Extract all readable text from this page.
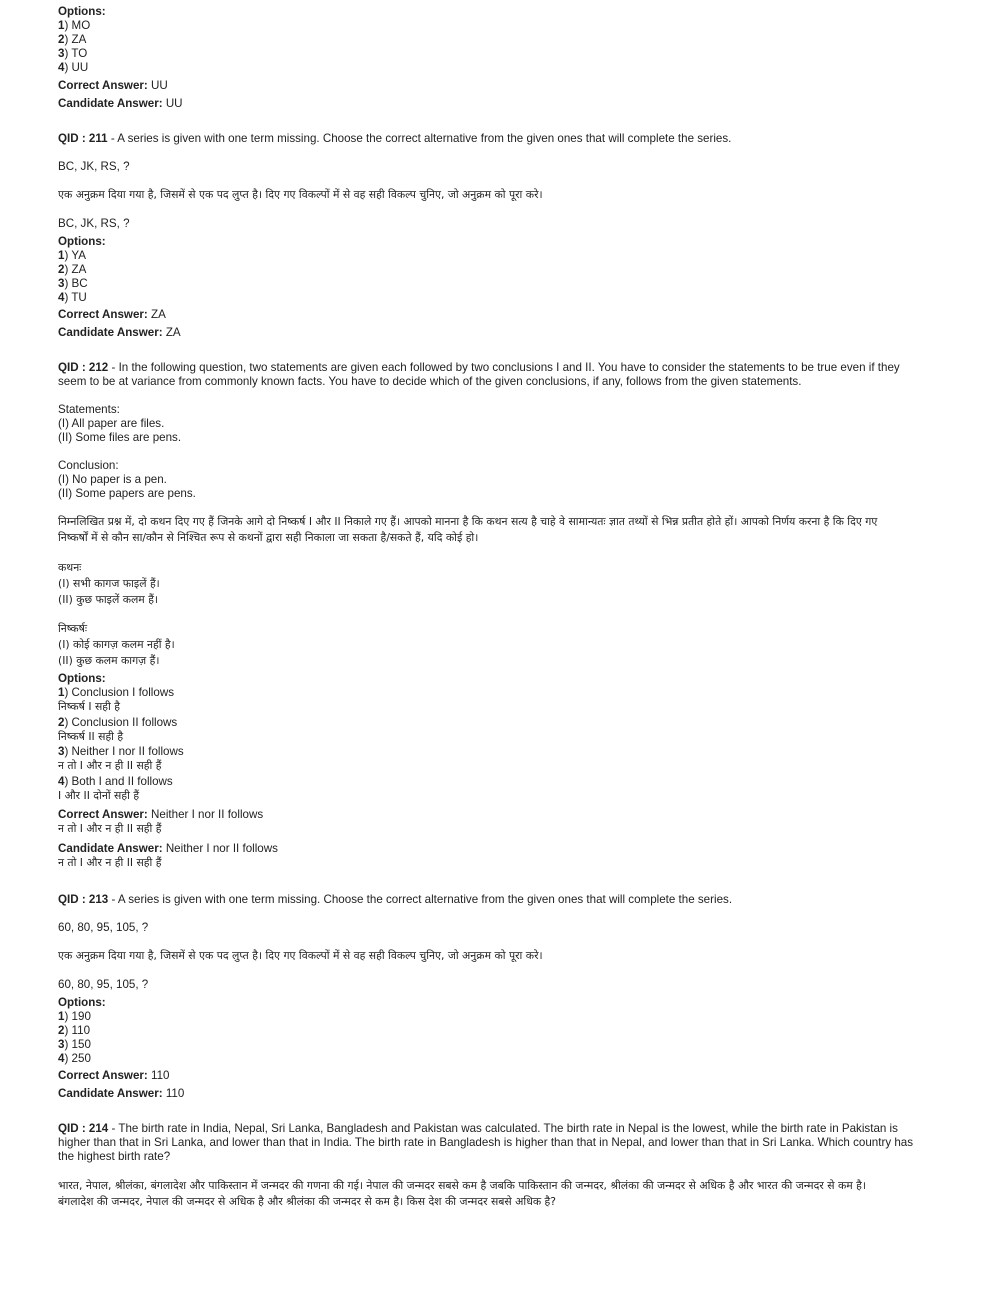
Options:
1) MO
2) ZA
3) TO
4) UU
Correct Answer: UU
Candidate Answer: UU
QID : 211 - A series is given with one term missing. Choose the correct alternative from the given ones that will complete the series.
BC, JK, RS, ?
एक अनुक्रम दिया गया है, जिसमें से एक पद लुप्त है। दिए गए विकल्पों में से वह सही विकल्प चुनिए, जो अनुक्रम को पूरा करे।
BC, JK, RS, ?
Options:
1) YA
2) ZA
3) BC
4) TU
Correct Answer: ZA
Candidate Answer: ZA
QID : 212 - In the following question, two statements are given each followed by two conclusions I and II. You have to consider the statements to be true even if they
seem to be at variance from commonly known facts. You have to decide which of the given conclusions, if any, follows from the given statements.
Statements:
(I) All paper are files.
(II) Some files are pens.
Conclusion:
(I) No paper is a pen.
(II) Some papers are pens.
निम्नलिखित प्रश्न में, दो कथन दिए गए हैं जिनके आगे दो निष्कर्ष I और II निकाले गए हैं। आपको मानना है कि कथन सत्य है चाहे वे सामान्यतः ज्ञात तथ्यों से भिन्न प्रतीत होते हों। आपको निर्णय करना है कि दिए गए
निष्कर्षों में से कौन सा/कौन से निश्चित रूप से कथनों द्वारा सही निकाला जा सकता है/सकते हैं, यदि कोई हो।
कथनः
(I) सभी कागज फाइलें हैं।
(II) कुछ फाइलें कलम हैं।
निष्कर्षः
(I) कोई कागज़ कलम नहीं है।
(II) कुछ कलम कागज़ हैं।
Options:
1) Conclusion I follows
निष्कर्ष I सही है
2) Conclusion II follows
निष्कर्ष II सही है
3) Neither I nor II follows
न तो I और न ही II सही हैं
4) Both I and II follows
I और II दोनों सही हैं
Correct Answer: Neither I nor II follows
न तो I और न ही II सही हैं
Candidate Answer: Neither I nor II follows
न तो I और न ही II सही हैं
QID : 213 - A series is given with one term missing. Choose the correct alternative from the given ones that will complete the series.
60, 80, 95, 105, ?
एक अनुक्रम दिया गया है, जिसमें से एक पद लुप्त है। दिए गए विकल्पों में से वह सही विकल्प चुनिए, जो अनुक्रम को पूरा करे।
60, 80, 95, 105, ?
Options:
1) 190
2) 110
3) 150
4) 250
Correct Answer: 110
Candidate Answer: 110
QID : 214 - The birth rate in India, Nepal, Sri Lanka, Bangladesh and Pakistan was calculated. The birth rate in Nepal is the lowest, while the birth rate in Pakistan is
higher than that in Sri Lanka, and lower than that in India. The birth rate in Bangladesh is higher than that in Nepal, and lower than that in Sri Lanka. Which country has
the highest birth rate?
भारत, नेपाल, श्रीलंका, बंगलादेश और पाकिस्तान में जन्मदर की गणना की गई। नेपाल की जन्मदर सबसे कम है जबकि पाकिस्तान की जन्मदर, श्रीलंका की जन्मदर से अधिक है और भारत की जन्मदर से कम है।
बंगलादेश की जन्मदर, नेपाल की जन्मदर से अधिक है और श्रीलंका की जन्मदर से कम है। किस देश की जन्मदर सबसे अधिक है?
